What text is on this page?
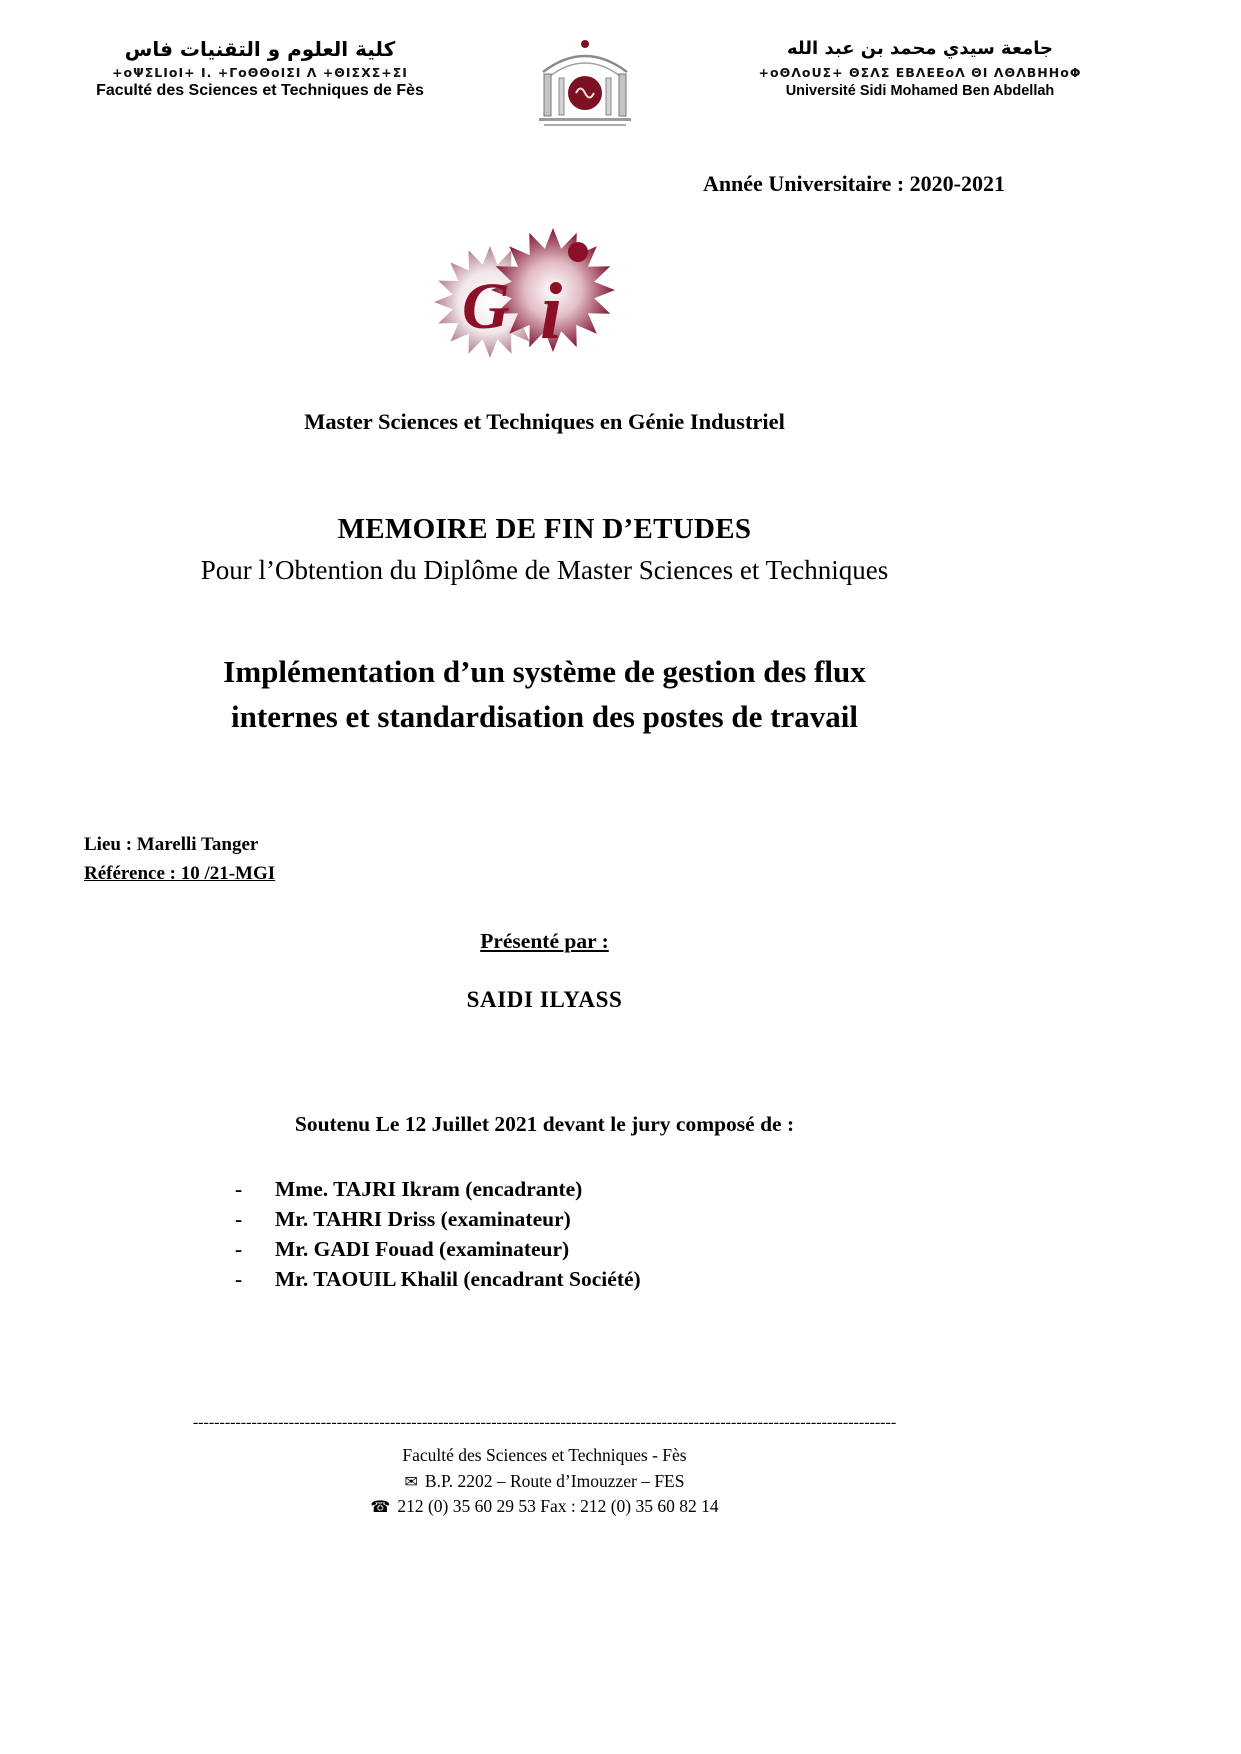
كلية العلوم و التقنيات فاس
+oΨΣLIoI+ I. +ΓoΘΘoIΣI Λ +ΘIΣXΣ+ΣI
Faculté des Sciences et Techniques de Fès
جامعة سيدي محمد بن عبد الله
+oΘΛoUΣ+ ΘΣΛΣ ΕΒΛΕΕoΛ ΘI ΛΘΛΒΗΗoΦ
Université Sidi Mohamed Ben Abdellah
Année Universitaire : 2020-2021
G i
Master Sciences et Techniques en Génie Industriel
MEMOIRE DE FIN D’ETUDES
Pour l’Obtention du Diplôme de Master Sciences et Techniques
Implémentation d’un système de gestion des flux
internes et standardisation des postes de travail
Lieu : Marelli Tanger
Référence : 10 /21-MGI
Présenté par :
SAIDI ILYASS
Soutenu Le 12 Juillet 2021 devant le jury composé de :
-	Mme. TAJRI Ikram (encadrante)
-	Mr. TAHRI Driss (examinateur)
-	Mr. GADI Fouad (examinateur)
-	Mr. TAOUIL Khalil (encadrant Société)
------------------------------------------------------------------------------------------------------------------------------------
Faculté des Sciences et Techniques - Fès
✉ B.P. 2202 – Route d’Imouzzer – FES
☎ 212 (0) 35 60 29 53 Fax : 212 (0) 35 60 82 14
